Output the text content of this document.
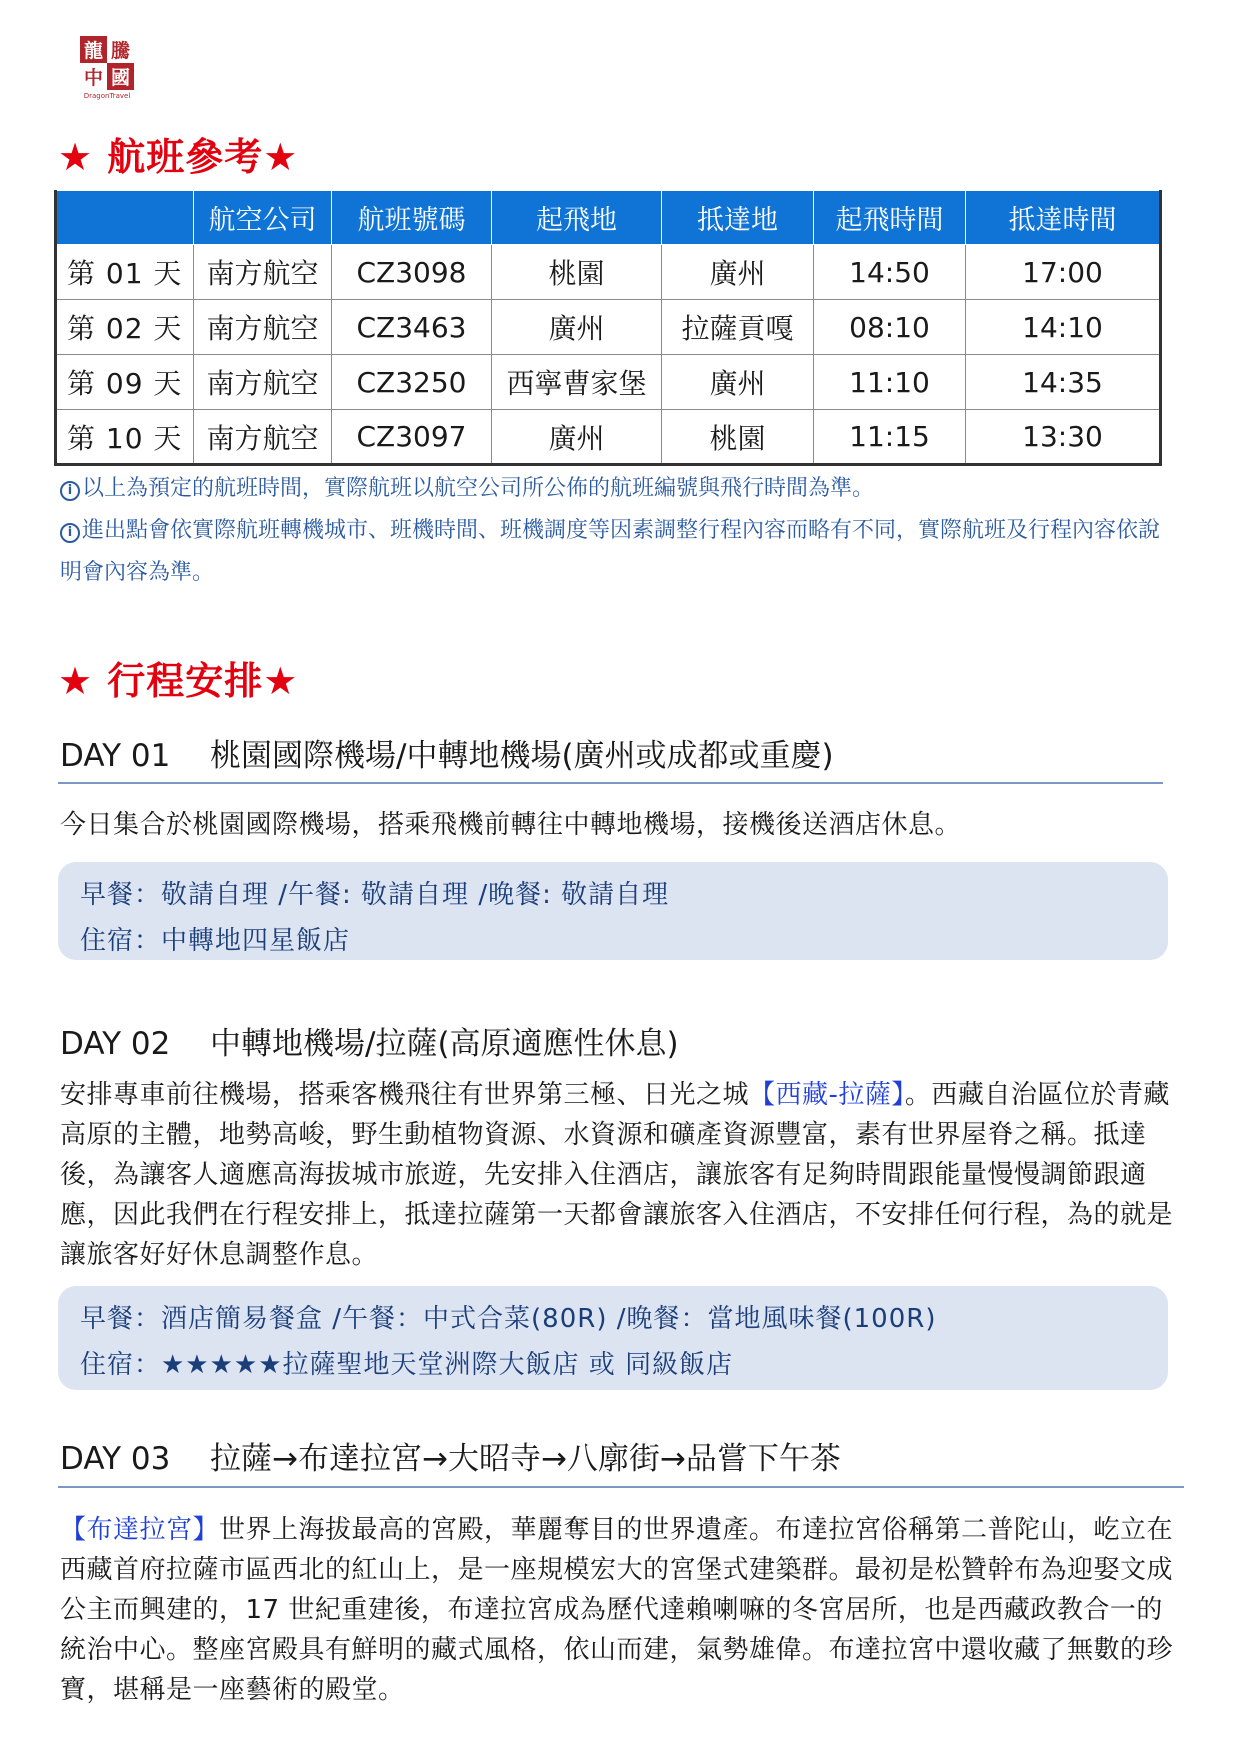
龍 騰
中 國
DragonTravel
★ 航班參考★
	航空公司	航班號碼	起飛地	抵達地	起飛時間	抵達時間
第 01 天	南方航空	CZ3098	桃園	廣州	14:50	17:00
第 02 天	南方航空	CZ3463	廣州	拉薩貢嘎	08:10	14:10
第 09 天	南方航空	CZ3250	西寧曹家堡	廣州	11:10	14:35
第 10 天	南方航空	CZ3097	廣州	桃園	11:15	13:30
i 以上為預定的航班時間，實際航班以航空公司所公佈的航班編號與飛行時間為準。
i 進出點會依實際航班轉機城市、班機時間、班機調度等因素調整行程內容而略有不同，實際航班及行程內容依說明會內容為準。
★ 行程安排★
DAY 01 桃園國際機場/中轉地機場(廣州或成都或重慶)
今日集合於桃園國際機場，搭乘飛機前轉往中轉地機場，接機後送酒店休息。
早餐：敬請自理 /午餐: 敬請自理 /晚餐: 敬請自理
住宿：中轉地四星飯店
DAY 02 中轉地機場/拉薩(高原適應性休息)
安排專車前往機場，搭乘客機飛往有世界第三極、日光之城【西藏-拉薩】。西藏自治區位於青藏高原的主體，地勢高峻，野生動植物資源、水資源和礦產資源豐富，素有世界屋脊之稱。抵達後，為讓客人適應高海拔城市旅遊，先安排入住酒店，讓旅客有足夠時間跟能量慢慢調節跟適應，因此我們在行程安排上，抵達拉薩第一天都會讓旅客入住酒店，不安排任何行程，為的就是讓旅客好好休息調整作息。
早餐：酒店簡易餐盒 /午餐：中式合菜(80R) /晚餐：當地風味餐(100R)
住宿：★★★★★拉薩聖地天堂洲際大飯店 或 同級飯店
DAY 03 拉薩→布達拉宮→大昭寺→八廓街→品嘗下午茶
【布達拉宮】世界上海拔最高的宮殿，華麗奪目的世界遺產。布達拉宮俗稱第二普陀山，屹立在西藏首府拉薩市區西北的紅山上，是一座規模宏大的宮堡式建築群。最初是松贊幹布為迎娶文成公主而興建的，17 世紀重建後，布達拉宮成為歷代達賴喇嘛的冬宮居所，也是西藏政教合一的統治中心。整座宮殿具有鮮明的藏式風格，依山而建，氣勢雄偉。布達拉宮中還收藏了無數的珍寶，堪稱是一座藝術的殿堂。
